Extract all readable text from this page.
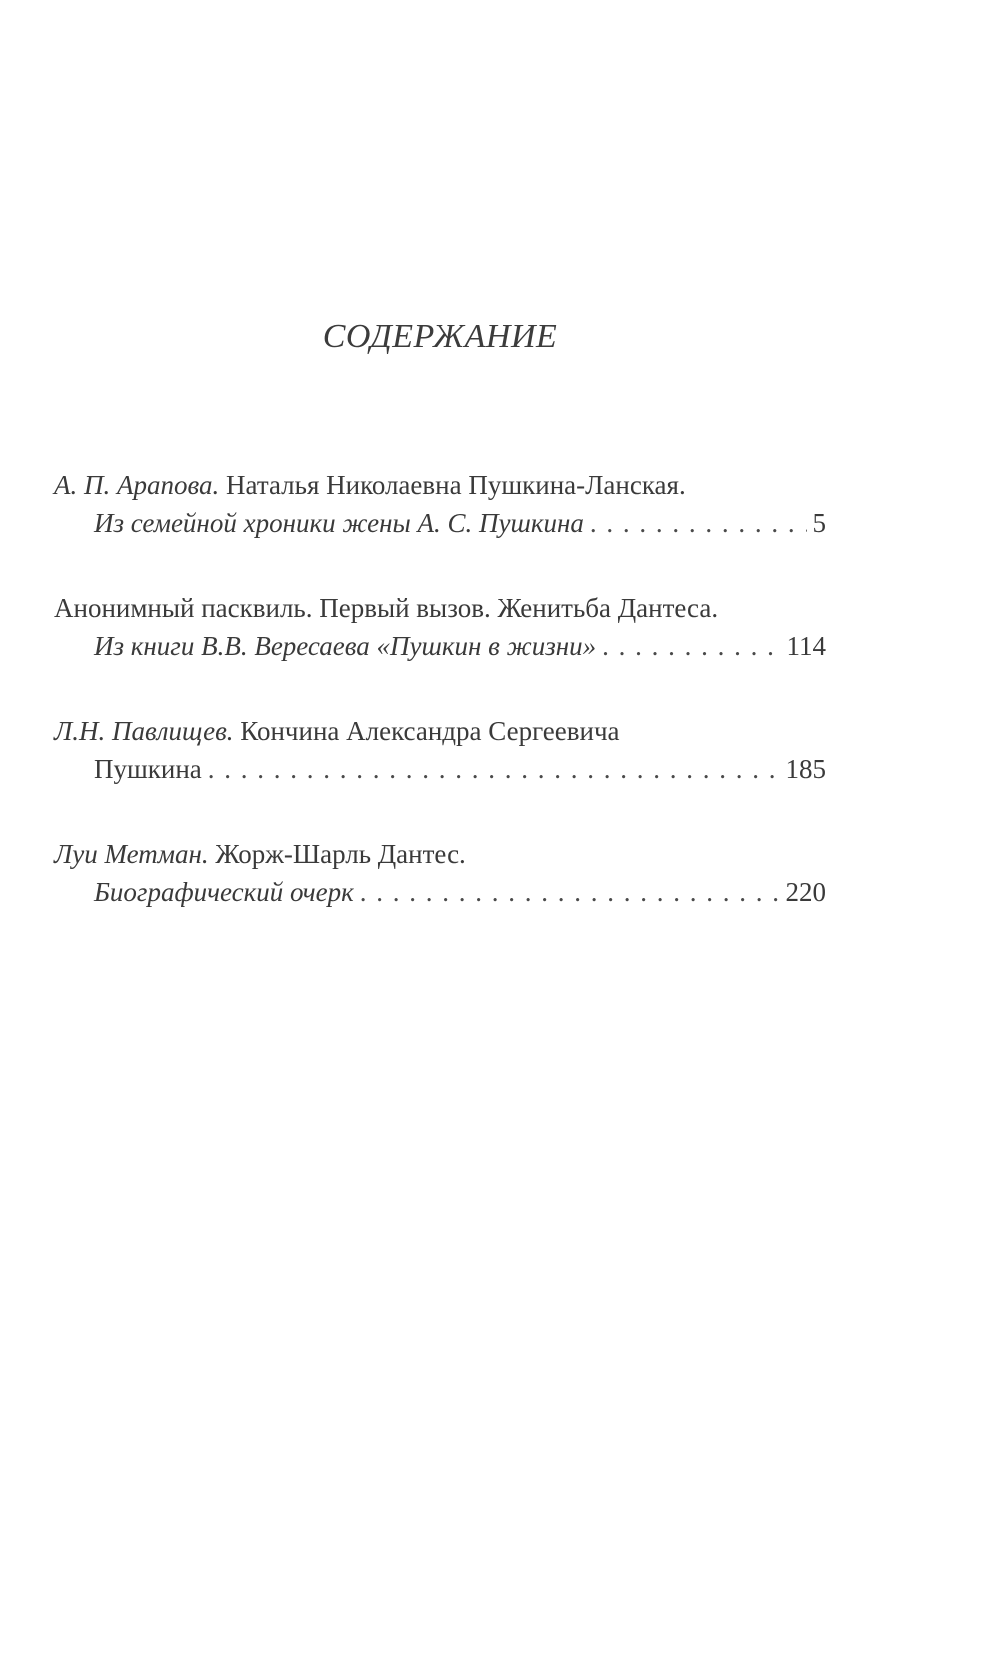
СОДЕРЖАНИЕ
А. П. Арапова. Наталья Николаевна Пушкина-Ланская.
Из семейной хроники жены А. С. Пушкина . . .	5
Анонимный пасквиль. Первый вызов. Женитьба Дантеса.
Из книги В.В. Вересаева «Пушкин в жизни» . . .	114
Л.Н. Павлищев. Кончина Александра Сергеевича
Пушкина . . .	185
Луи Метман. Жорж-Шарль Дантес.
Биографический очерк . . .	220
